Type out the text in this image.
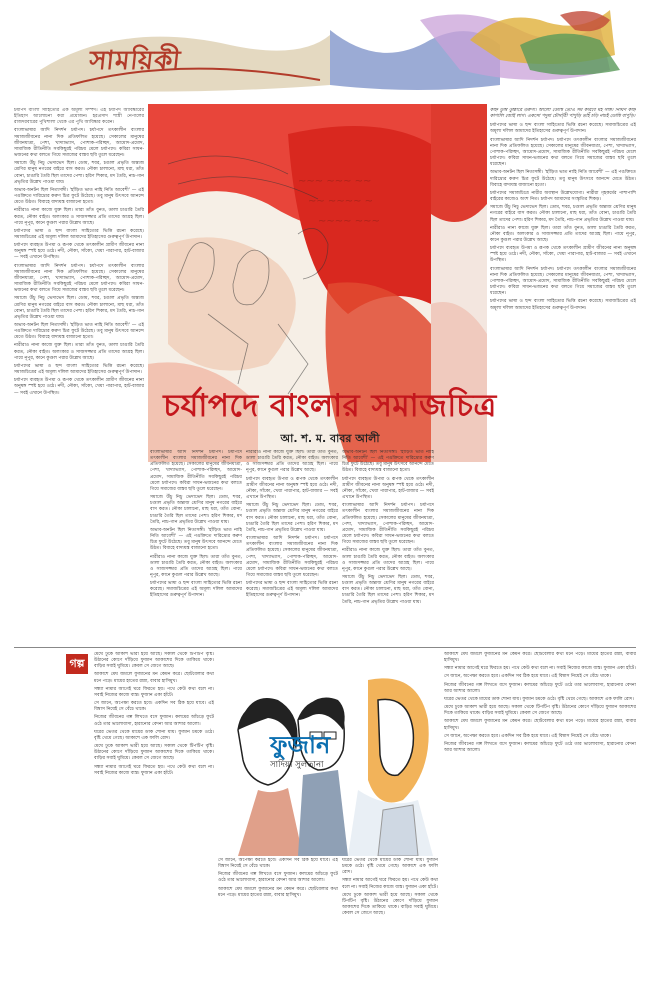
সাময়িকী
চর্যাপদ বাংলা সাহিত্যের এক অমূল্য সম্পদ। এই চর্যাপদ আবিষ্কারের ইতিহাস আলোচনা করা প্রয়োজন। হরপ্রসাদ শাস্ত্রী নেপালের রাজদরবারের পুথিশালা থেকে এর পুথি আবিষ্কার করেন।

বাংলাভাষার আদি নিদর্শন চর্যাপদ। চর্যাপদে তৎকালীন বাংলার সমাজজীবনের নানা দিক প্রতিফলিত হয়েছে। সেকালের মানুষের জীবনযাত্রা, পেশা, খাদ্যাভ্যাস, পোশাক-পরিচ্ছদ, আমোদ-প্রমোদ, সামাজিক রীতিনীতি সবকিছুরই পরিচয় মেলে চর্যাপদে। কবিরা সাধন-ভজনের কথা বলতে গিয়ে সমাজের বাস্তব ছবি তুলে ধরেছেন।

সমাজে উঁচু নিচু ভেদাভেদ ছিল। ডোম, শবর, চণ্ডাল প্রভৃতি অন্ত্যজ শ্রেণির মানুষ নগরের বাইরে বাস করত। নৌকা চালানো, মাছ ধরা, তাঁত বোনা, চাঙারি তৈরি ছিল তাদের পেশা। হরিণ শিকার, মদ তৈরি, নাচ-গান প্রভৃতির উল্লেখ পাওয়া যায়।

অভাব-অনটন ছিল নিত্যসঙ্গী। 'হাঁড়িত ভাত নাহি নিতি আবেশী' — এই পঙক্তিতে দারিদ্র্যের করুণ চিত্র ফুটে উঠেছে। তবু মানুষ উৎসবে আনন্দে মেতে উঠত। বিবাহে বাদ্যযন্ত্র বাজানো হতো।

নারীরাও নানা কাজে যুক্ত ছিল। তারা তাঁত বুনত, ডালা চাঙারি তৈরি করত, নৌকা বাইত। অলংকার ও সাজসজ্জার প্রতি তাদের আগ্রহ ছিল। পায়ে নূপুর, কানে কুণ্ডল পরার উল্লেখ আছে।

চর্যাপদের ভাষা ও ছন্দ বাংলা সাহিত্যের ভিত্তি রচনা করেছে। সমাজচিত্রের এই অমূল্য দলিল আমাদের ইতিহাসের গুরুত্বপূর্ণ উপাদান।

চর্যাপদে ব্যবহৃত উপমা ও রূপক থেকে তৎকালীন গ্রামীণ জীবনের নানা অনুষঙ্গ স্পষ্ট হয়ে ওঠে। নদী, নৌকা, সাঁকো, খেয়া পারাপার, হাট-বাজার — সবই এখানে উপস্থিত।

বাংলাভাষার আদি নিদর্শন চর্যাপদ। চর্যাপদে তৎকালীন বাংলার সমাজজীবনের নানা দিক প্রতিফলিত হয়েছে। সেকালের মানুষের জীবনযাত্রা, পেশা, খাদ্যাভ্যাস, পোশাক-পরিচ্ছদ, আমোদ-প্রমোদ, সামাজিক রীতিনীতি সবকিছুরই পরিচয় মেলে চর্যাপদে। কবিরা সাধন-ভজনের কথা বলতে গিয়ে সমাজের বাস্তব ছবি তুলে ধরেছেন।

সমাজে উঁচু নিচু ভেদাভেদ ছিল। ডোম, শবর, চণ্ডাল প্রভৃতি অন্ত্যজ শ্রেণির মানুষ নগরের বাইরে বাস করত। নৌকা চালানো, মাছ ধরা, তাঁত বোনা, চাঙারি তৈরি ছিল তাদের পেশা। হরিণ শিকার, মদ তৈরি, নাচ-গান প্রভৃতির উল্লেখ পাওয়া যায়।

অভাব-অনটন ছিল নিত্যসঙ্গী। 'হাঁড়িত ভাত নাহি নিতি আবেশী' — এই পঙক্তিতে দারিদ্র্যের করুণ চিত্র ফুটে উঠেছে। তবু মানুষ উৎসবে আনন্দে মেতে উঠত। বিবাহে বাদ্যযন্ত্র বাজানো হতো।

নারীরাও নানা কাজে যুক্ত ছিল। তারা তাঁত বুনত, ডালা চাঙারি তৈরি করত, নৌকা বাইত। অলংকার ও সাজসজ্জার প্রতি তাদের আগ্রহ ছিল। পায়ে নূপুর, কানে কুণ্ডল পরার উল্লেখ আছে।

চর্যাপদের ভাষা ও ছন্দ বাংলা সাহিত্যের ভিত্তি রচনা করেছে। সমাজচিত্রের এই অমূল্য দলিল আমাদের ইতিহাসের গুরুত্বপূর্ণ উপাদান।

চর্যাপদে ব্যবহৃত উপমা ও রূপক থেকে তৎকালীন গ্রামীণ জীবনের নানা অনুষঙ্গ স্পষ্ট হয়ে ওঠে। নদী, নৌকা, সাঁকো, খেয়া পারাপার, হাট-বাজার — সবই এখানে উপস্থিত।

~~~ ~~~ ~~
~~ ~~~~ ~
~~~~ ~~~
চর্যাপদে বাংলার সমাজচিত্র
আ. শ. ম. বাবর আলী

বাংলাভাষার আদি নিদর্শন চর্যাপদ। চর্যাপদে তৎকালীন বাংলার সমাজজীবনের নানা দিক প্রতিফলিত হয়েছে। সেকালের মানুষের জীবনযাত্রা, পেশা, খাদ্যাভ্যাস, পোশাক-পরিচ্ছদ, আমোদ-প্রমোদ, সামাজিক রীতিনীতি সবকিছুরই পরিচয় মেলে চর্যাপদে। কবিরা সাধন-ভজনের কথা বলতে গিয়ে সমাজের বাস্তব ছবি তুলে ধরেছেন।

সমাজে উঁচু নিচু ভেদাভেদ ছিল। ডোম, শবর, চণ্ডাল প্রভৃতি অন্ত্যজ শ্রেণির মানুষ নগরের বাইরে বাস করত। নৌকা চালানো, মাছ ধরা, তাঁত বোনা, চাঙারি তৈরি ছিল তাদের পেশা। হরিণ শিকার, মদ তৈরি, নাচ-গান প্রভৃতির উল্লেখ পাওয়া যায়।

অভাব-অনটন ছিল নিত্যসঙ্গী। 'হাঁড়িত ভাত নাহি নিতি আবেশী' — এই পঙক্তিতে দারিদ্র্যের করুণ চিত্র ফুটে উঠেছে। তবু মানুষ উৎসবে আনন্দে মেতে উঠত। বিবাহে বাদ্যযন্ত্র বাজানো হতো।

নারীরাও নানা কাজে যুক্ত ছিল। তারা তাঁত বুনত, ডালা চাঙারি তৈরি করত, নৌকা বাইত। অলংকার ও সাজসজ্জার প্রতি তাদের আগ্রহ ছিল। পায়ে নূপুর, কানে কুণ্ডল পরার উল্লেখ আছে।

চর্যাপদের ভাষা ও ছন্দ বাংলা সাহিত্যের ভিত্তি রচনা করেছে। সমাজচিত্রের এই অমূল্য দলিল আমাদের ইতিহাসের গুরুত্বপূর্ণ উপাদান।

নারীরাও নানা কাজে যুক্ত ছিল। তারা তাঁত বুনত, ডালা চাঙারি তৈরি করত, নৌকা বাইত। অলংকার ও সাজসজ্জার প্রতি তাদের আগ্রহ ছিল। পায়ে নূপুর, কানে কুণ্ডল পরার উল্লেখ আছে।

চর্যাপদে ব্যবহৃত উপমা ও রূপক থেকে তৎকালীন গ্রামীণ জীবনের নানা অনুষঙ্গ স্পষ্ট হয়ে ওঠে। নদী, নৌকা, সাঁকো, খেয়া পারাপার, হাট-বাজার — সবই এখানে উপস্থিত।

সমাজে উঁচু নিচু ভেদাভেদ ছিল। ডোম, শবর, চণ্ডাল প্রভৃতি অন্ত্যজ শ্রেণির মানুষ নগরের বাইরে বাস করত। নৌকা চালানো, মাছ ধরা, তাঁত বোনা, চাঙারি তৈরি ছিল তাদের পেশা। হরিণ শিকার, মদ তৈরি, নাচ-গান প্রভৃতির উল্লেখ পাওয়া যায়।

বাংলাভাষার আদি নিদর্শন চর্যাপদ। চর্যাপদে তৎকালীন বাংলার সমাজজীবনের নানা দিক প্রতিফলিত হয়েছে। সেকালের মানুষের জীবনযাত্রা, পেশা, খাদ্যাভ্যাস, পোশাক-পরিচ্ছদ, আমোদ-প্রমোদ, সামাজিক রীতিনীতি সবকিছুরই পরিচয় মেলে চর্যাপদে। কবিরা সাধন-ভজনের কথা বলতে গিয়ে সমাজের বাস্তব ছবি তুলে ধরেছেন।

চর্যাপদের ভাষা ও ছন্দ বাংলা সাহিত্যের ভিত্তি রচনা করেছে। সমাজচিত্রের এই অমূল্য দলিল আমাদের ইতিহাসের গুরুত্বপূর্ণ উপাদান।

অভাব-অনটন ছিল নিত্যসঙ্গী। 'হাঁড়িত ভাত নাহি নিতি আবেশী' — এই পঙক্তিতে দারিদ্র্যের করুণ চিত্র ফুটে উঠেছে। তবু মানুষ উৎসবে আনন্দে মেতে উঠত। বিবাহে বাদ্যযন্ত্র বাজানো হতো।

চর্যাপদে ব্যবহৃত উপমা ও রূপক থেকে তৎকালীন গ্রামীণ জীবনের নানা অনুষঙ্গ স্পষ্ট হয়ে ওঠে। নদী, নৌকা, সাঁকো, খেয়া পারাপার, হাট-বাজার — সবই এখানে উপস্থিত।

বাংলাভাষার আদি নিদর্শন চর্যাপদ। চর্যাপদে তৎকালীন বাংলার সমাজজীবনের নানা দিক প্রতিফলিত হয়েছে। সেকালের মানুষের জীবনযাত্রা, পেশা, খাদ্যাভ্যাস, পোশাক-পরিচ্ছদ, আমোদ-প্রমোদ, সামাজিক রীতিনীতি সবকিছুরই পরিচয় মেলে চর্যাপদে। কবিরা সাধন-ভজনের কথা বলতে গিয়ে সমাজের বাস্তব ছবি তুলে ধরেছেন।

নারীরাও নানা কাজে যুক্ত ছিল। তারা তাঁত বুনত, ডালা চাঙারি তৈরি করত, নৌকা বাইত। অলংকার ও সাজসজ্জার প্রতি তাদের আগ্রহ ছিল। পায়ে নূপুর, কানে কুণ্ডল পরার উল্লেখ আছে।

সমাজে উঁচু নিচু ভেদাভেদ ছিল। ডোম, শবর, চণ্ডাল প্রভৃতি অন্ত্যজ শ্রেণির মানুষ নগরের বাইরে বাস করত। নৌকা চালানো, মাছ ধরা, তাঁত বোনা, চাঙারি তৈরি ছিল তাদের পেশা। হরিণ শিকার, মদ তৈরি, নাচ-গান প্রভৃতির উল্লেখ পাওয়া যায়।

কাহ্ন ডুম্বি তুহ্মারে তরুণী। আলো ডোম্বি তোএ সম করিবে মই সাঙ্গ। নিঘিণ কাহ্ন কাপালি জোই লাগ। একসো পদুমা চৌসট্ঠী পাখুড়ি তহিঁ চড়ি নাচই ডোম্বি বাপুড়ি।

চর্যাপদের ভাষা ও ছন্দ বাংলা সাহিত্যের ভিত্তি রচনা করেছে। সমাজচিত্রের এই অমূল্য দলিল আমাদের ইতিহাসের গুরুত্বপূর্ণ উপাদান।

বাংলাভাষার আদি নিদর্শন চর্যাপদ। চর্যাপদে তৎকালীন বাংলার সমাজজীবনের নানা দিক প্রতিফলিত হয়েছে। সেকালের মানুষের জীবনযাত্রা, পেশা, খাদ্যাভ্যাস, পোশাক-পরিচ্ছদ, আমোদ-প্রমোদ, সামাজিক রীতিনীতি সবকিছুরই পরিচয় মেলে চর্যাপদে। কবিরা সাধন-ভজনের কথা বলতে গিয়ে সমাজের বাস্তব ছবি তুলে ধরেছেন।

অভাব-অনটন ছিল নিত্যসঙ্গী। 'হাঁড়িত ভাত নাহি নিতি আবেশী' — এই পঙক্তিতে দারিদ্র্যের করুণ চিত্র ফুটে উঠেছে। তবু মানুষ উৎসবে আনন্দে মেতে উঠত। বিবাহে বাদ্যযন্ত্র বাজানো হতো।

চর্যাপদের সমাজচিত্রে নারীর অবস্থান উল্লেখযোগ্য। নারীরা গৃহকর্মের পাশাপাশি বাইরের কাজেও অংশ নিত। চর্যাপদ আমাদের সংস্কৃতির শিকড়।

সমাজে উঁচু নিচু ভেদাভেদ ছিল। ডোম, শবর, চণ্ডাল প্রভৃতি অন্ত্যজ শ্রেণির মানুষ নগরের বাইরে বাস করত। নৌকা চালানো, মাছ ধরা, তাঁত বোনা, চাঙারি তৈরি ছিল তাদের পেশা। হরিণ শিকার, মদ তৈরি, নাচ-গান প্রভৃতির উল্লেখ পাওয়া যায়।

নারীরাও নানা কাজে যুক্ত ছিল। তারা তাঁত বুনত, ডালা চাঙারি তৈরি করত, নৌকা বাইত। অলংকার ও সাজসজ্জার প্রতি তাদের আগ্রহ ছিল। পায়ে নূপুর, কানে কুণ্ডল পরার উল্লেখ আছে।

চর্যাপদে ব্যবহৃত উপমা ও রূপক থেকে তৎকালীন গ্রামীণ জীবনের নানা অনুষঙ্গ স্পষ্ট হয়ে ওঠে। নদী, নৌকা, সাঁকো, খেয়া পারাপার, হাট-বাজার — সবই এখানে উপস্থিত।

বাংলাভাষার আদি নিদর্শন চর্যাপদ। চর্যাপদে তৎকালীন বাংলার সমাজজীবনের নানা দিক প্রতিফলিত হয়েছে। সেকালের মানুষের জীবনযাত্রা, পেশা, খাদ্যাভ্যাস, পোশাক-পরিচ্ছদ, আমোদ-প্রমোদ, সামাজিক রীতিনীতি সবকিছুরই পরিচয় মেলে চর্যাপদে। কবিরা সাধন-ভজনের কথা বলতে গিয়ে সমাজের বাস্তব ছবি তুলে ধরেছেন।

চর্যাপদের ভাষা ও ছন্দ বাংলা সাহিত্যের ভিত্তি রচনা করেছে। সমাজচিত্রের এই অমূল্য দলিল আমাদের ইতিহাসের গুরুত্বপূর্ণ উপাদান।

গল্প

মেঘে ঢুকে আকাশ ভারী হয়ে আছে। সকাল থেকে টিপটিপ বৃষ্টি। উঠানের কোণে দাঁড়িয়ে ফুজান আকাশের দিকে তাকিয়ে থাকে। বাড়ির সবাই ঘুমিয়ে। কেবল সে জেগে আছে।

আকাশে মেঘ জমলে ফুজানের মন কেমন করে। ছোটবেলার কথা মনে পড়ে। মায়ের হাতের রান্না, বাবার হাসিমুখ।

সন্ধ্যা নামার আগেই ঘরে ফিরতে হয়। পথে কেউ কথা বলে না। সবাই নিজের কাজে ব্যস্ত। ফুজান একা হাঁটে।

সে জানে, অপেক্ষা করতে হবে। একদিন সব ঠিক হয়ে যাবে। এই বিশ্বাস নিয়েই সে বেঁচে থাকে।

নিজের জীবনের গল্প লিখতে বসে ফুজান। কলমের আঁচড়ে ফুটে ওঠে তার ভালোবাসা, হারানোর বেদনা আর আশার আলো।

ঘরের ভেতর থেকে মায়ের ডাক শোনা যায়। ফুজান চমকে ওঠে। বৃষ্টি থেমে গেছে। আকাশে এক ফালি রোদ।

মেঘে ঢুকে আকাশ ভারী হয়ে আছে। সকাল থেকে টিপটিপ বৃষ্টি। উঠানের কোণে দাঁড়িয়ে ফুজান আকাশের দিকে তাকিয়ে থাকে। বাড়ির সবাই ঘুমিয়ে। কেবল সে জেগে আছে।

সন্ধ্যা নামার আগেই ঘরে ফিরতে হয়। পথে কেউ কথা বলে না। সবাই নিজের কাজে ব্যস্ত। ফুজান একা হাঁটে।

ফুজান
সাদিয়া সুলতানা

সে জানে, অপেক্ষা করতে হবে। একদিন সব ঠিক হয়ে যাবে। এই বিশ্বাস নিয়েই সে বেঁচে থাকে।

নিজের জীবনের গল্প লিখতে বসে ফুজান। কলমের আঁচড়ে ফুটে ওঠে তার ভালোবাসা, হারানোর বেদনা আর আশার আলো।

আকাশে মেঘ জমলে ফুজানের মন কেমন করে। ছোটবেলার কথা মনে পড়ে। মায়ের হাতের রান্না, বাবার হাসিমুখ।

ঘরের ভেতর থেকে মায়ের ডাক শোনা যায়। ফুজান চমকে ওঠে। বৃষ্টি থেমে গেছে। আকাশে এক ফালি রোদ।

সন্ধ্যা নামার আগেই ঘরে ফিরতে হয়। পথে কেউ কথা বলে না। সবাই নিজের কাজে ব্যস্ত। ফুজান একা হাঁটে।

মেঘে ঢুকে আকাশ ভারী হয়ে আছে। সকাল থেকে টিপটিপ বৃষ্টি। উঠানের কোণে দাঁড়িয়ে ফুজান আকাশের দিকে তাকিয়ে থাকে। বাড়ির সবাই ঘুমিয়ে। কেবল সে জেগে আছে।

আকাশে মেঘ জমলে ফুজানের মন কেমন করে। ছোটবেলার কথা মনে পড়ে। মায়ের হাতের রান্না, বাবার হাসিমুখ।

সন্ধ্যা নামার আগেই ঘরে ফিরতে হয়। পথে কেউ কথা বলে না। সবাই নিজের কাজে ব্যস্ত। ফুজান একা হাঁটে।

সে জানে, অপেক্ষা করতে হবে। একদিন সব ঠিক হয়ে যাবে। এই বিশ্বাস নিয়েই সে বেঁচে থাকে।

নিজের জীবনের গল্প লিখতে বসে ফুজান। কলমের আঁচড়ে ফুটে ওঠে তার ভালোবাসা, হারানোর বেদনা আর আশার আলো।

ঘরের ভেতর থেকে মায়ের ডাক শোনা যায়। ফুজান চমকে ওঠে। বৃষ্টি থেমে গেছে। আকাশে এক ফালি রোদ।

মেঘে ঢুকে আকাশ ভারী হয়ে আছে। সকাল থেকে টিপটিপ বৃষ্টি। উঠানের কোণে দাঁড়িয়ে ফুজান আকাশের দিকে তাকিয়ে থাকে। বাড়ির সবাই ঘুমিয়ে। কেবল সে জেগে আছে।

আকাশে মেঘ জমলে ফুজানের মন কেমন করে। ছোটবেলার কথা মনে পড়ে। মায়ের হাতের রান্না, বাবার হাসিমুখ।

সে জানে, অপেক্ষা করতে হবে। একদিন সব ঠিক হয়ে যাবে। এই বিশ্বাস নিয়েই সে বেঁচে থাকে।

নিজের জীবনের গল্প লিখতে বসে ফুজান। কলমের আঁচড়ে ফুটে ওঠে তার ভালোবাসা, হারানোর বেদনা আর আশার আলো।
